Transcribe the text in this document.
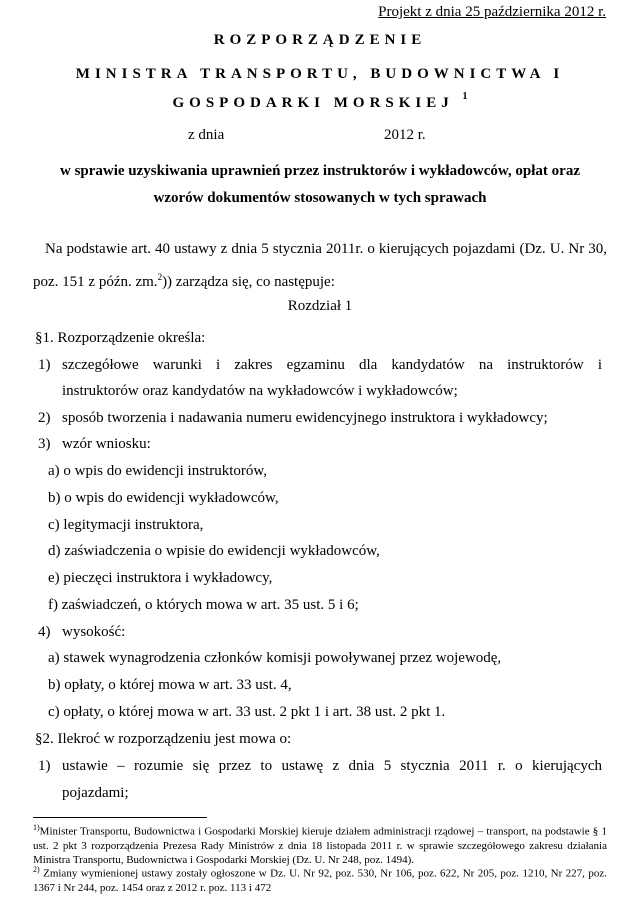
Projekt z dnia 25 października 2012 r.
ROZPORZĄDZENIE
MINISTRA TRANSPORTU, BUDOWNICTWA I
GOSPODARKI MORSKIEJ $^1$
z dnia	2012 r.
w sprawie uzyskiwania uprawnień przez instruktorów i wykładowców, opłat oraz
wzorów dokumentów stosowanych w tych sprawach
Na podstawie art. 40 ustawy z dnia 5 stycznia 2011r. o kierujących pojazdami (Dz. U. Nr 30, poz. 151 z późn. zm.$^2$)) zarządza się, co następuje:
Rozdział 1
§1. Rozporządzenie określa:
1) szczegółowe warunki i zakres egzaminu dla kandydatów na instruktorów i
instruktorów oraz kandydatów na wykładowców i wykładowców;
2) sposób tworzenia i nadawania numeru ewidencyjnego instruktora i wykładowcy;
3) wzór wniosku:
a) o wpis do ewidencji instruktorów,
b) o wpis do ewidencji wykładowców,
c) legitymacji instruktora,
d) zaświadczenia o wpisie do ewidencji wykładowców,
e) pieczęci instruktora i wykładowcy,
f) zaświadczeń, o których mowa w art. 35 ust. 5 i 6;
4) wysokość:
a) stawek wynagrodzenia członków komisji powoływanej przez wojewodę,
b) opłaty, o której mowa w art. 33 ust. 4,
c) opłaty, o której mowa w art. 33 ust. 2 pkt 1 i art. 38 ust. 2 pkt 1.
§2. Ilekroć w rozporządzeniu jest mowa o:
1) ustawie – rozumie się przez to ustawę z dnia 5 stycznia 2011 r. o kierujących
pojazdami;
$^{1)}$Minister Transportu, Budownictwa i Gospodarki Morskiej kieruje działem administracji rządowej – transport, na podstawie § 1 ust. 2 pkt 3 rozporządzenia Prezesa Rady Ministrów z dnia 18 listopada 2011 r. w sprawie szczegółowego zakresu działania Ministra Transportu, Budownictwa i Gospodarki Morskiej (Dz. U. Nr 248, poz. 1494).
$^{2)}$ Zmiany wymienionej ustawy zostały ogłoszone w Dz. U. Nr 92, poz. 530, Nr 106, poz. 622, Nr 205, poz. 1210, Nr 227, poz. 1367 i Nr 244, poz. 1454 oraz z 2012 r. poz. 113 i 472
